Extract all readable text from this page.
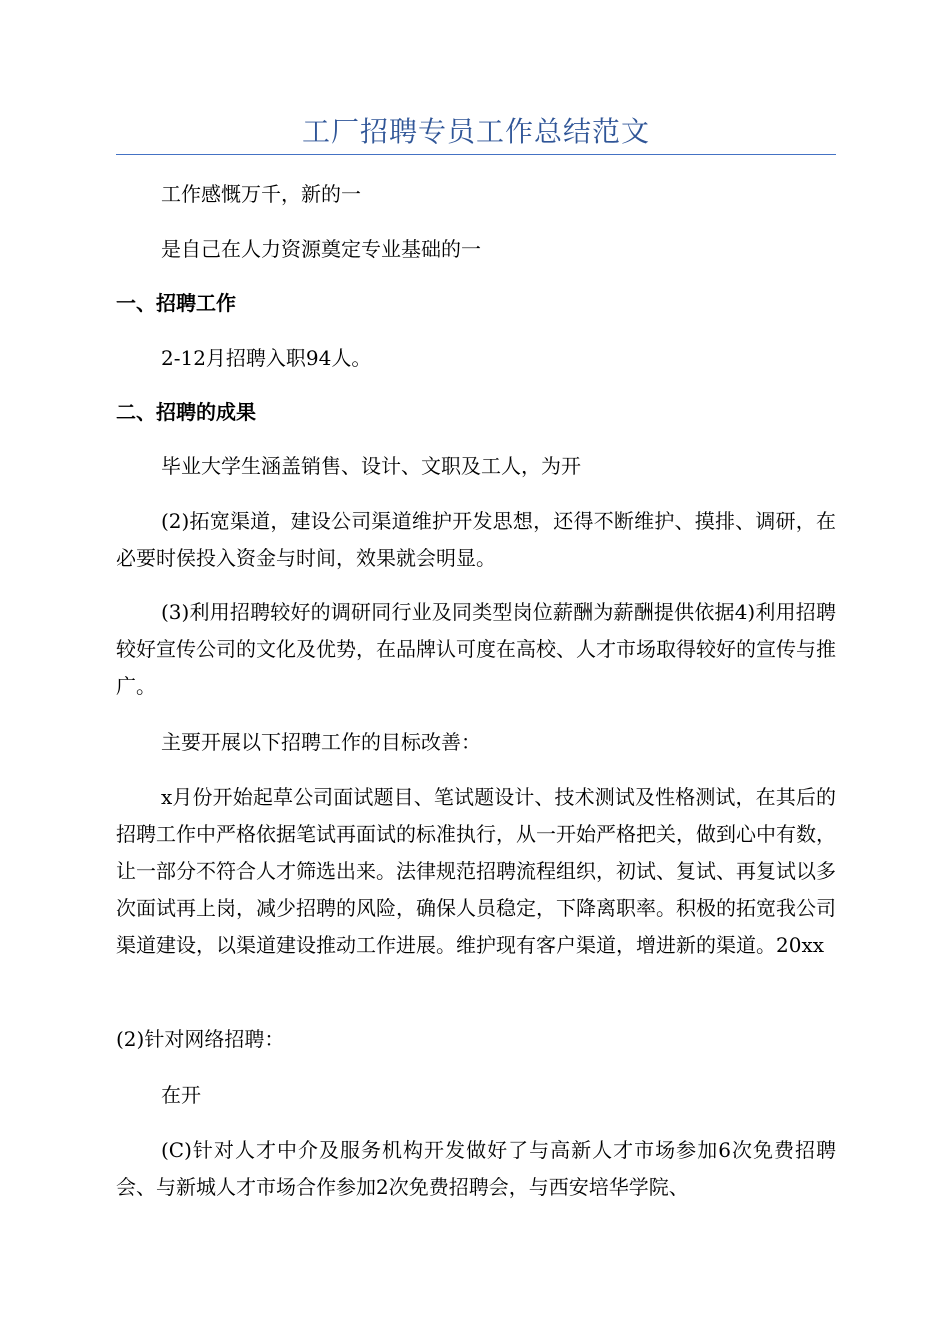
工厂招聘专员工作总结范文

工作感慨万千，新的一

是自己在人力资源奠定专业基础的一

一、招聘工作

2-12月招聘入职94人。

二、招聘的成果

毕业大学生涵盖销售、设计、文职及工人，为开

(2)拓宽渠道，建设公司渠道维护开发思想，还得不断维护、摸排、调研，在必要时侯投入资金与时间，效果就会明显。

(3)利用招聘较好的调研同行业及同类型岗位薪酬为薪酬提供依据4)利用招聘较好宣传公司的文化及优势，在品牌认可度在高校、人才市场取得较好的宣传与推广。

主要开展以下招聘工作的目标改善：

x月份开始起草公司面试题目、笔试题设计、技术测试及性格测试，在其后的招聘工作中严格依据笔试再面试的标准执行，从一开始严格把关，做到心中有数，让一部分不符合人才筛选出来。法律规范招聘流程组织，初试、复试、再复试以多次面试再上岗，减少招聘的风险，确保人员稳定，下降离职率。积极的拓宽我公司渠道建设，以渠道建设推动工作进展。维护现有客户渠道，增进新的渠道。20xx

(2)针对网络招聘：

在开

(C)针对人才中介及服务机构开发做好了与高新人才市场参加6次免费招聘会、与新城人才市场合作参加2次免费招聘会，与西安培华学院、
